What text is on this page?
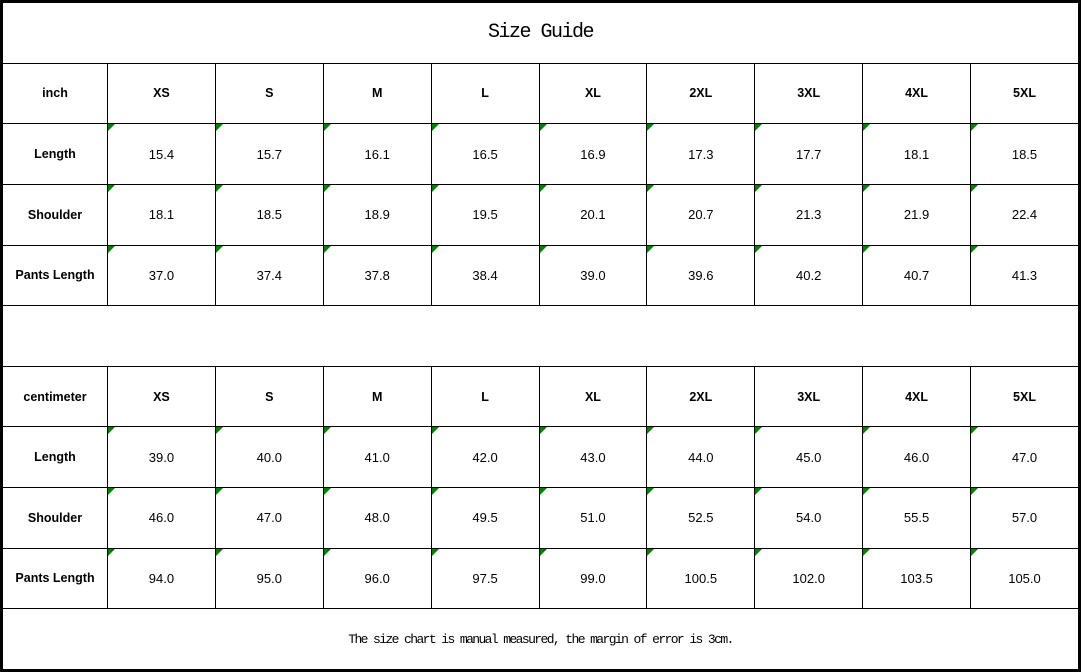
Size Guide									
inch	XS	S	M	L	XL	2XL	3XL	4XL	5XL
Length	15.4	15.7	16.1	16.5	16.9	17.3	17.7	18.1	18.5
Shoulder	18.1	18.5	18.9	19.5	20.1	20.7	21.3	21.9	22.4
Pants Length	37.0	37.4	37.8	38.4	39.0	39.6	40.2	40.7	41.3

centimeter	XS	S	M	L	XL	2XL	3XL	4XL	5XL
Length	39.0	40.0	41.0	42.0	43.0	44.0	45.0	46.0	47.0
Shoulder	46.0	47.0	48.0	49.5	51.0	52.5	54.0	55.5	57.0
Pants Length	94.0	95.0	96.0	97.5	99.0	100.5	102.0	103.5	105.0
The size chart is manual measured, the margin of error is 3cm.									
